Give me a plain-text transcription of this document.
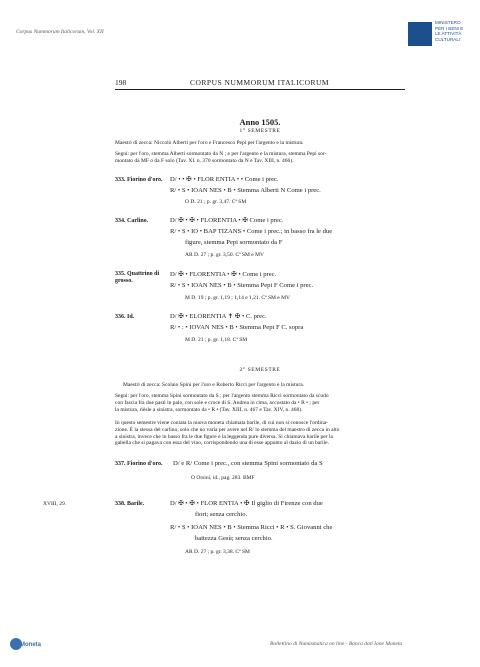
Corpus Nummorum Italicorum, Vol. XII
MINISTERO
PER I BENI E
LE ATTIVITÀ
CULTURALI
198	CORPUS NUMMORUM ITALICORUM
Anno 1505.
1° SEMESTRE
Maestri di zecca: Niccolò Alberti per l'oro e Francesco Pepi per l'argento e la mistura.
Segni: per l'oro, stemma Alberti sormontato da N ; e per l'argento e la mistura, stemma Pepi sor-
montato da MF o da F solo (Tav. XI. n. 370 sormontato da N e Tav. XIII, n. 466).
333. Fiorino d'oro. D/ • • ✠ • FLOR ENTIA • • Come i prec.
R/ • S • IOAN NES • B • Stemma Alberti N Come i prec.
O D. 21 ; p. gr. 3,47. Cª SM
334. Carlino.	D/ ✠ • ✠ • FLORENTIA • ✠ Come i prec.
R/ • S • IO • BAP TIZANS • Come i prec.; in basso fra le due
figure, stemma Pepi sormontato da F
AR D. 27 ; p. gr. 3,50. Cª SM e MV
335. Quattrino di grosso.
D/ ✠ • FLORENTIA • ✠ • Come i prec.
R/ • S • IOAN NES • B • Stemma Pepi F Come i prec.
M D. 19 ; p. gr. 1,19 ; 1,14 e 1,21. Cª SM e MV
336. Id.	D/ ✠ • ELORENTIA ✝ ✠ • C. prec.
R/ • : • IOVAN NES • B • Stemma Pepi F C. sopra
M D. 21 ; p. gr. 1,18. Cª SM
2° SEMESTRE
Maestri di zecca: Scolaio Spini per l'oro e Roberto Ricci per l'argento e la mistura.
Segni: per l'oro, stemma Spini sormontato da S ; per l'argento stemma Ricci sormontato da scudo
con fascia fra due pastì in palo, con sole e croce di S. Andrea in cima, accostato da • R • ; per
la mistura, rièsle a sinistra, sormontato da • R • (Tav. XIII, n. 467 e Tav. XIV, n. 468).
In questo semestre viene coniata la nuova moneta chiamata barile, di cui non si conosce l'ordina-
zione. È la stessa del carlino, solo che no varia per avere nel R/ lo stemma del maestro di zecca in alto
a sinistra, invece che in basso fra le due figure e la leggenda pure diversa. Si chiamava barile per la
gabella che si pagava con essa del vino, corrispondendo una di esse appunto al dazio di un barile.
337. Fiorino d'oro. D/ e R/ Come i prec., con stemma Spini sormontato da S
O Orsini, id., pag. 283. BMF
XVIII, 29.	338. Barile.	D/ ✠ • ✠ • FLOR ENTIA • ✠ Il giglio di Firenze con due
fiori; senza cerchio.
R/ • S • IOAN NES • B • Stemma Ricci • R • S. Giovanni che
battezza Gesù; senza cerchio.
AR D. 27 ; p. gr. 3,38. Cª SM
Moneta	Bollettino di Numismatica on line - Banca dati Ione Moneta
